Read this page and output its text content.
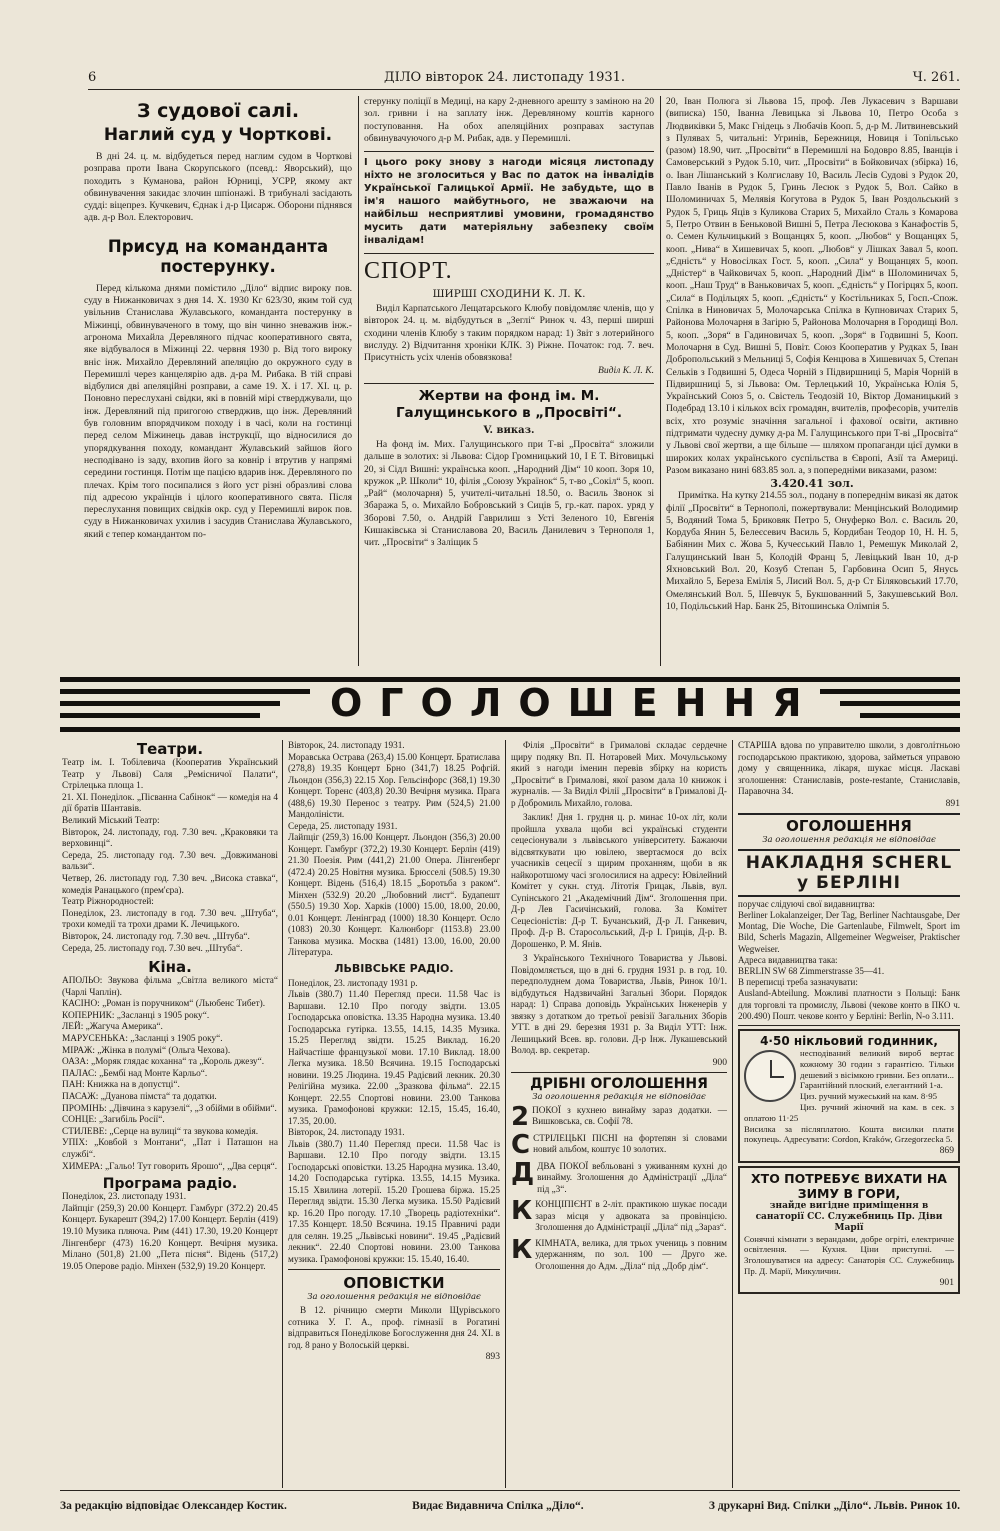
6	ДІЛО вівторок 24. листопаду 1931.	Ч. 261.
З судової салі.
Наглий суд у Чорткові.

В дні 24. ц. м. відбудеться перед наглим судом в Чорткові розправа проти Івана Скорупського (псевд.: Яворський), що походить з Куманова, район Юрниці, УСРР, якому акт обвинувачення закидає злочин шпіонажі. В трибуналі засідають судді: віцепрез. Кучкевич, Єднак і д-р Цисарж. Оборони піднявся адв. д-р Вол. Електорович.

Присуд на команданта постерунку.

Перед кількома днями помістило „Діло“ відпис вироку пов. суду в Нижанковичах з дня 14. X. 1930 Кг 623/30, яким той суд увільнив Станислава Жулавського, команданта постерунку в Міжинці, обвинуваченого в тому, що він чинно зневажив інж.-агронома Михайла Деревляного підчас кооперативного свята, яке відбувалося в Міжинці 22. червня 1930 р. Від того вироку вніс інж. Михайло Деревляний апеляцію до окружного суду в Перемишлі через канцелярію адв. д-ра М. Рибака. В тій справі відбулися дві апеляційні розправи, а саме 19. X. і 17. XI. ц. р. Поновно переслухані свідки, які в повній мірі стверджували, що інж. Деревляний під пригогою стверджив, що інж. Деревляний був головним впорядчиком походу і в часі, коли на гостинці перед селом Міжинець давав інструкції, що відносилися до упорядкування походу, командант Жулавський зайшов його несподівано із заду, вхопив його за ковнір і втрутив у напрямі середини гостинця. Потім ще пацією вдарив інж. Деревляного по плечах. Крім того посипалися з його уст різні образливі слова під адресою українців і цілого кооперативного свята. Після переслухання повищих свідків окр. суд у Перемишлі вирок пов. суду в Нижанковичах ухилив і засудив Станислава Жулавського, який є тепер командантом по-

стерунку поліції в Медиці, на кару 2-дневного арешту з заміною на 20 зол. гривни і на заплату інж. Деревляному коштів карного поступовання. На обох апеляційних розправах заступав обвинувачуючого д-р М. Рибак, адв. у Перемишлі.

І цього року знову з нагоди місяця листопаду ніхто не зголоситься у Вас по даток на інвалідів Української Галицької Армії. Не забудьте, що в ім'я нашого майбутнього, не зважаючи на найбільш несприятливі умовини, громадянство мусить дати матеріяльну забезпеку своїм інвалідам!
СПОРТ.
ШИРШІ СХОДИНИ К. Л. К.

Виділ Карпатського Лещатарського Клюбу повідомляє членів, що у вівторок 24. ц. м. відбудуться в „Зеглі“ Ринок ч. 43, перші ширші сходини членів Клюбу з таким порядком нарад: 1) Звіт з лотерийного вислуду. 2) Відчитання хроніки КЛК. 3) Ріжне. Початок: год. 7. веч. Присутність усіх членів обовязкова!

Виділ К. Л. К.
Жертви на фонд ім. М. Галущинського в „Просвіті“.
V. виказ.

На фонд ім. Мих. Галущинського при Т-ві „Просвіта“ зложили дальше в золотих: зі Львова: Сідор Громницький 10, І Е Т. Вітовицькі 20, зі Сідл Вишні: українська кооп. „Народний Дім“ 10 кооп. Зоря 10, кружок „Р. Школи“ 10, філія „Союзу Українок“ 5, т-во „Сокіл“ 5, кооп. „Рай“ (молочарня) 5, учителі-читальні 18.50, о. Василь Звонок зі Збаража 5, о. Михайло Бобровський з Сиців 5, гр.-кат. парох. уряд у Зборові 7.50, о. Андрій Гаврилиш з Усті Зеленого 10, Евгенія Кишаківська зі Станиславова 20, Василь Данилевич з Тернополя 1, чит. „Просвіти“ з Заліщик 5

20, Іван Полюга зі Львова 15, проф. Лев Лукасевич з Варшави (виписка) 150, Іванна Левицька зі Львова 10, Петро Особа з Людвиківки 5, Макс Гнідець з Любачів Кооп. 5, д-р М. Литвиневський з Пулявах 5, читальні: Угринів, Бережниця, Новиця і Топільсько (разом) 18.90, чит. „Просвіти“ в Перемишлі на Бодовро 8.85, Іванців і Самоверський з Рудок 5.10, чит. „Просвіти“ в Бойковичах (збірка) 16, о. Іван Лішанський з Колгиславу 10, Василь Лесів Судові з Рудок 20, Павло Іванів в Рудок 5, Гринь Лесюк з Рудок 5, Вол. Сайко в Шоломиничах 5, Мелявія Когутова в Рудок 5, Іван Роздольський з Рудок 5, Гриць Яців з Куликова Старих 5, Михайло Сталь з Комарова 5, Петро Отвин в Беньковой Вишні 5, Петра Лесюкова з Канафостів 5, о. Семен Кульчицький з Вощанцях 5, кооп. „Любов“ у Вощанцях 5, кооп. „Нива“ в Хишевичах 5, кооп. „Любов“ у Лішках Завал 5, кооп. „Єдність“ у Новосілках Гост. 5, кооп. „Сила“ у Вощанцях 5, кооп. „Дністер“ в Чайковичах 5, кооп. „Народний Дім“ в Шоломиничах 5, кооп. „Наш Труд“ в Ваньковичах 5, кооп. „Єдність“ у Погірцях 5, кооп. „Сила“ в Подільцях 5, кооп. „Єдність“ у Костільниках 5, Госп.-Спож. Спілка в Ниновичах 5, Молочарська Спілка в Купновичах Старих 5, Районова Молочарня в Загірю 5, Районова Молочарня в Городищі Вол. 5, кооп. „Зоря“ в Гадиновичах 5, кооп. „Зоря“ в Годвишні 5, Кооп. Молочарня в Суд. Вишні 5, Повіт. Союз Кооператив у Рудках 5, Іван Добропольський з Мельниці 5, Софія Кенцюва в Хишевичах 5, Степан Сельків з Годвишні 5, Одеса Чорній з Підвиршниці 5, Марія Чорній в Підвиршниці 5, зі Львова: Ом. Терлецький 10, Українська Юлія 5, Український Союз 5, о. Свістель Теодозій 10, Віктор Доманицький з Подебрад 13.10 і кількох всіх громадян, вчителів, професорів, учителів всіх, хто розуміє значіння загальної і фахової освіти, активно підтримати чудесну думку д-ра М. Галущинського при Т-ві „Просвіта“ у Львові свої жертви, а ще більше — шляхом пропаганди цієї думки в широких колах українського суспільства в Європі, Азії та Америці. Разом виказано нині 683.85 зол. а, з попередніми виказами, разом:

3.420.41 зол.

Примітка. На кутку 214.55 зол., подану в попереднім виказі як даток філії „Просвіти“ в Тернополі, пожертвували: Менцінський Володимир 5, Водяний Тома 5, Бриковяк Петро 5, Онуферко Вол. с. Василь 20, Кордуба Янин 5, Белеєсевич Василь 5, Кордибан Теодор 10, Н. Н. 5, Бабіянин Мих с. Жова 5, Кучеєський Павло 1, Ремешук Миколай 2, Галущинський Іван 5, Колодій Франц 5, Левіцький Іван 10, д-р Яхновський Вол. 20, Козуб Степан 5, Гарбовина Осип 5, Янусь Михайло 5, Береза Емілія 5, Лисий Вол. 5, д-р Ст Біляковський 17.70, Омелянський Вол. 5, Шевчук 5, Букшованний 5, Закушевський Вол. 10, Подільський Нар. Банк 25, Вітошинська Олімпія 5.

ОГОЛОШЕННЯ
Театри.
Театр ім. І. Тобілевича (Кооператив Український Театр у Львові) Саля „Ремісничої Палати“, Стрілецька площа 1.
21. XI. Понеділок. „Пісванна Сабінок“ — комедія на 4 дії братів Шантавів.
Великий Міський Театр:
Вівторок, 24. листопаду, год. 7.30 веч. „Краковяки та верховинці“.
Середа, 25. листопаду год. 7.30 веч. „Довжиманові вальзи“.
Четвер, 26. листопаду год. 7.30 веч. „Висока ставка“, комедія Ранацького (прем'єра).
Театр Ріжнородностей:
Понеділок, 23. листопаду в год. 7.30 веч. „Штуба“, трохи комедії та трохи драми К. Лечицького.
Вівторок, 24. листопаду год. 7.30 веч. „Штуба“.
Середа, 25. листопаду год. 7.30 веч. „Штуба“.
Кіна.
АПОЛЬО: Звукова фільма „Світла великого міста“ (Чарлі Чаплін).
КАСІНО: „Роман із поручником“ (Льюбенс Тибет).
КОПЕРНИК: „Засланці з 1905 року“.
ЛЕЙ: „Жагуча Америка“.
МАРУСЕНЬКА: „Засланці з 1905 року“.
МІРАЖ: „Жінка в полумі“ (Ольга Чехова).
ОАЗА: „Моряк глядає коханна“ та „Король джезу“.
ПАЛАС: „Бембі над Монте Карльо“.
ПАН: Книжка на в допустці“.
ПАСАЖ: „Дуанова пімста“ та додатки.
ПРОМІНЬ: „Дівчина з карузелі“, „З обійми в обійми“.
СОНЦЕ: „Загибіль Росії“.
СТИЛЕВЕ: „Серце на вулиці“ та звукова комедія.
УПІХ: „Ковбой з Монтани“, „Пат і Паташон на службі“.
ХИМЕРА: „Гальо! Тут говорить Ярошо“, „Два серця“.
Програма радіо.
Понеділок, 23. листопаду 1931.
Лайпціг (259,3) 20.00 Концерт. Гамбург (372.2) 20.45 Концерт. Букарешт (394,2) 17.00 Концерт. Берлін (419) 19.10 Музика пляюча. Рим (441) 17.30, 19.20 Концерт Лінгенберг (473) 16.20 Концерт. Вечірня музика. Мілано (501,8) 21.00 „Пета пісня“. Відень (517,2) 19.05 Оперове радіо. Мінхен (532,9) 19.20 Концерт.
Вівторок, 24. листопаду 1931.
Моравська Острава (263,4) 15.00 Концерт. Братислава (278,8) 19.35 Концерт Брно (341,7) 18.25 Рофгій. Льондон (356,3) 22.15 Хор. Гельсінфорс (368,1) 19.30 Концерт. Торенс (403,8) 20.30 Вечірня музика. Прага (488,6) 19.30 Перенос з театру. Рим (524,5) 21.00 Мандоліністи.
Середа, 25. листопаду 1931.
Лайпціг (259,3) 16.00 Концерт. Льондон (356,3) 20.00 Концерт. Гамбург (372,2) 19.30 Концерт. Берлін (419) 21.30 Поезія. Рим (441,2) 21.00 Опера. Лінгенберг (472.4) 20.25 Новітня музика. Брюсселі (508.5) 19.30 Концерт. Відень (516,4) 18.15 „Боротьба з раком“. Мінхен (532.9) 20.20 „Любовний лист“. Будапешт (550.5) 19.30 Хор. Харків (1000) 15.00, 18.00, 20.00, 0.01 Концерт. Ленінград (1000) 18.30 Концерт. Осло (1083) 20.30 Концерт. Калюнборг (1153.8) 23.00 Танкова музика. Москва (1481) 13.00, 16.00, 20.00 Література.
ЛЬВІВСЬКЕ РАДІО.
Понеділок, 23. листопаду 1931 р.
Львів (380.7) 11.40 Перегляд преси. 11.58 Час із Варшави. 12.10 Про погоду звідти. 13.05 Господарська оповістка. 13.35 Народна музика. 13.40 Господарська гутірка. 13.55, 14.15, 14.35 Музика. 15.25 Перегляд звідти. 15.25 Виклад. 16.20 Найчастіше французької мови. 17.10 Виклад. 18.00 Легка музика. 18.50 Всячина. 19.15 Господарські новини. 19.25 Людина. 19.45 Радієвий лекник. 20.30 Релігійна музика. 22.00 „Зразкова фільма“. 22.15 Концерт. 22.55 Спортові новини. 23.00 Танкова музика. Грамофонові кружки: 12.15, 15.45, 16.40, 17.35, 20.00.
Вівторок, 24. листопаду 1931.
Львів (380.7) 11.40 Перегляд преси. 11.58 Час із Варшави. 12.10 Про погоду звідти. 13.15 Господарські оповістки. 13.25 Народна музика. 13.40, 14.20 Господарська гутірка. 13.55, 14.15 Музика. 15.15 Хвилина лотерії. 15.20 Грошева біржа. 15.25 Перегляд звідти. 15.30 Легка музика. 15.50 Радієвий кр. 16.20 Про погоду. 17.10 „Творець радіотехніки“. 17.35 Концерт. 18.50 Всячина. 19.15 Правничі ради для селян. 19.25 „Львівські новини“. 19.45 „Радієвий лекник“. 22.40 Спортові новини. 23.00 Танкова музика. Грамофонові кружки: 15. 15.40, 16.40.
ОПОВІСТКИ
За оголошення редакція не відповідає

В 12. річницю смерти Миколи Щурівського сотника У. Г. А., проф. гімназії в Рогатині відправиться Понеділкове Богослуження дня 24. XI. в год. 8 рано у Волоській церкві.

893

Філія „Просвіти“ в Грималові складає сердечне щиру подяку Вп. П. Нотаровей Мих. Мочульському який з нагоди іменин перевів збірку на користь „Просвіти“ в Грималові, якої разом дала 10 книжок і журналів. — За Виділ Філії „Просвіти“ в Грималові Д-р Добромиль Михайло, голова.

Заклик! Дня 1. грудня ц. р. минає 10-ох літ, коли пройшла ухвала щоби всі українські студенти сецесіонували з львівського університету. Бажаючи відсвяткувати цю ювілею, звертаємося до всіх учасників сецесії з щирим проханням, щоби в як найкоротшому часі зголосилися на адресу: Ювілейний Комітет у сукн. студ. Літотія Грицак, Львів, вул. Супінського 21 „Академічний Дім“. Зголошення при. Д-р Лев Гасичінський, голова. За Комітет Сецесіоністів: Д-р Т. Бучанський, Д-р Л. Ганкевич, Проф. Д-р В. Старосольський, Д-р І. Гриців, Д-р. В. Дорошенко, Р. М. Янів.

З Українського Технічного Товариства у Львові. Повідомляється, що в дні 6. грудня 1931 р. в год. 10. передполуднем дома Товариства, Львів, Ринок 10/1. відбудуться Надзвичайні Загальні Збори. Порядок нарад: 1) Справа доповідь Українських Інженерів у звязку з дотатком до третьої ревізії Загальних Зборів УТТ. в дні 29. березня 1931 р. За Виділ УТТ: Інж. Лешицький Всев. вр. голови. Д-р Інж. Лукашевський Волод. вр. секретар.

900
ДРІБНІ ОГОЛОШЕННЯ
За оголошення редакція не відповідає
2 ПОКОЇ з кухнею винайму зараз додатки. — Вишковська, св. Софії 78.
ССТРІЛЕЦЬКІ ПІСНІ на фортепян зі словами новий альбом, коштує 10 золотих.
ДДВА ПОКОЇ вебльовані з уживанням кухні до винайму. Зголошення до Адміністрації „Діла“ під „3“.
ККОНЦІПІЄНТ в 2-літ. практикою шукає посади зараз місця у адвоката за провінцією. Зголошення до Адміністрації „Діла“ під „Зараз“.
ККІМНАТА, велика, для трьох учениць з повним удержанням, по зол. 100 — Друго же. Оголошення до Адм. „Діла“ під „Добр дім“.

СТАРША вдова по управителю школи, з довголітньою господарською практикою, здорова, займеться управою дому у священника, лікаря, шукає місця. Ласкаві зголошення: Станиславів, poste-restante, Станиславів, Паравочна 34.

891
ОГОЛОШЕННЯ
За оголошення редакція не відповідає
НАКЛАДНЯ SCHERL у БЕРЛІНІ
поручає слідуючі свої видавництва:
Berliner Lokalanzeiger, Der Tag, Berliner Nachtausgabe, Der Montag, Die Woche, Die Gartenlaube, Filmwelt, Sport im Bild, Scherls Magazin, Allgemeiner Wegweiser, Praktischer Wegweiser.
Адреса видавництва така:
BERLIN SW 68 Zimmerstrasse 35—41.
В переписці треба зазначувати:
Ausland-Abteilung. Можливі платности з Польщі: Банк для торговлі та промислу, Львові (чекове конто в ПКО ч. 200.490) Пошт. чекове конто у Берліні: Berlin, N-o 3.111.
4·50 нікльовий годинник,
несподіваний великий вироб вертає кожному 30 годин з гарантією. Тільки дешевий з вісімкою гривни. Без оплати... Гарантійний плоский, елегантний 1-а.
Циз. ручний мужеський на кам. 8·95
Циз. ручний жіночий на кам. в сек. з оплатою 11·25
Висилка за післяплатою. Кошта висилки плати покупець. Адресувати: Cordon, Kraków, Grzegorzecka 5.
869
ХТО ПОТРЕБУЄ ВИХАТИ НА ЗИМУ В ГОРИ,
знайде вигідне приміщення в санаторії СС. Служебниць Пр. Діви Марії
Сонячні кімнати з верандами, добре огріті, електричне освітлення. — Кухня. Ціни приступні. — Зголошуватися на адресу: Санаторія СС. Служебниць Пр. Д. Марії, Микуличин.
901
За редакцію відповідає Олександер Костик.	Видає Видавнича Спілка „Діло“.	З друкарні Вид. Спілки „Діло“. Львів. Ринок 10.
